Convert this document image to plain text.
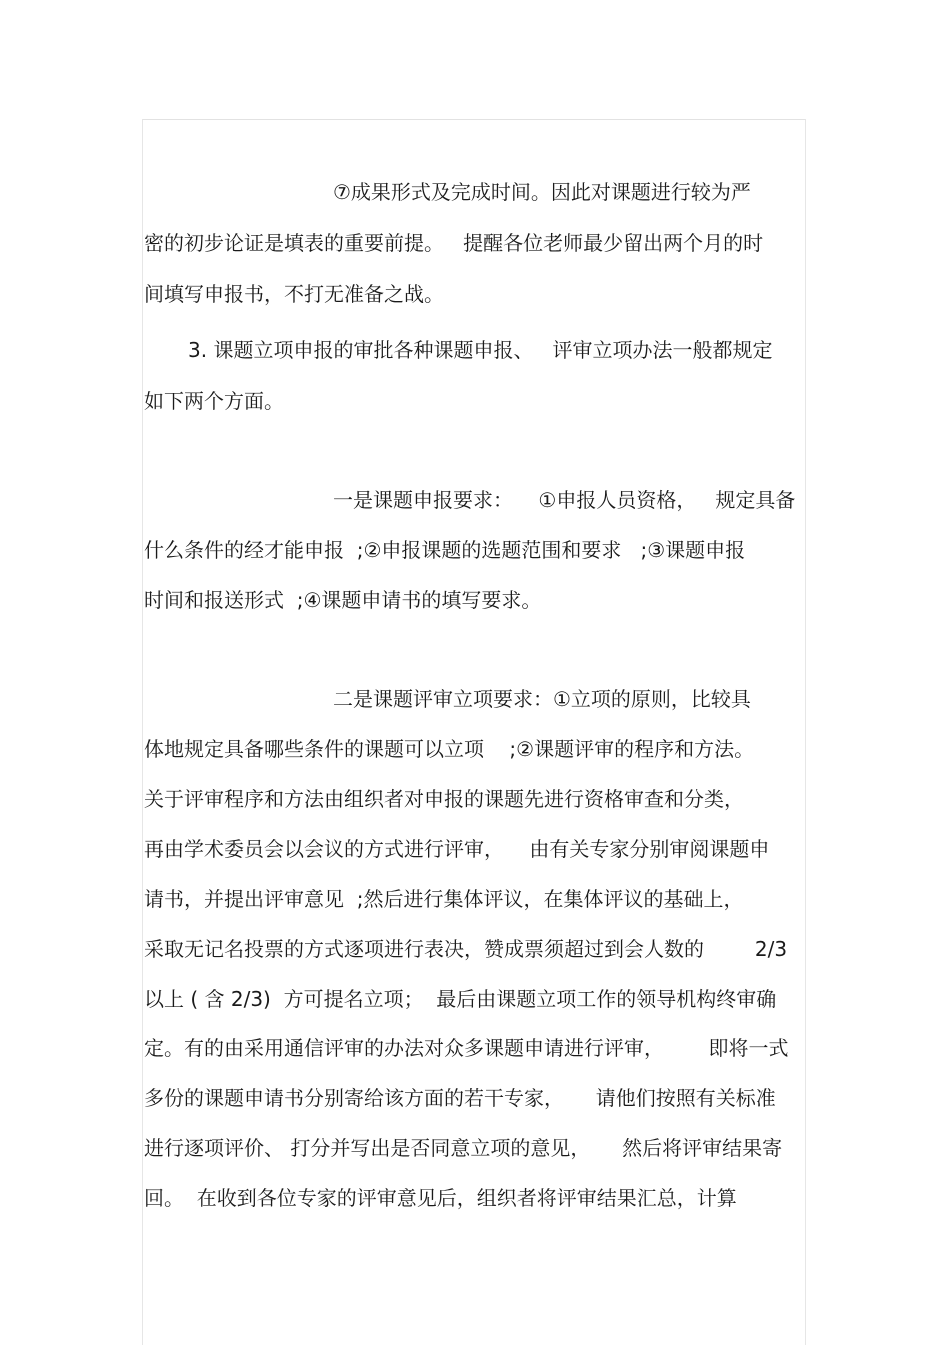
⑦成果形式及完成时间。因此对课题进行较为严
密的初步论证是填表的重要前提。   提醒各位老师最少留出两个月的时
间填写申报书，不打无准备之战。
3. 课题立项申报的审批各种课题申报、   评审立项办法一般都规定
如下两个方面。
一是课题申报要求：    ①申报人员资格，   规定具备
什么条件的经才能申报  ;②申报课题的选题范围和要求   ;③课题申报
时间和报送形式  ;④课题申请书的填写要求。
二是课题评审立项要求：①立项的原则，比较具
体地规定具备哪些条件的课题可以立项    ;②课题评审的程序和方法。
关于评审程序和方法由组织者对申报的课题先进行资格审查和分类，
再由学术委员会以会议的方式进行评审，    由有关专家分别审阅课题申
请书，并提出评审意见  ;然后进行集体评议，在集体评议的基础上，
采取无记名投票的方式逐项进行表决，赞成票须超过到会人数的        2/3
以上 ( 含 2/3)  方可提名立项；  最后由课题立项工作的领导机构终审确
定。有的由采用通信评审的办法对众多课题申请进行评审，       即将一式
多份的课题申请书分别寄给该方面的若干专家，     请他们按照有关标准
进行逐项评价、 打分并写出是否同意立项的意见，     然后将评审结果寄
回。  在收到各位专家的评审意见后，组织者将评审结果汇总，计算
